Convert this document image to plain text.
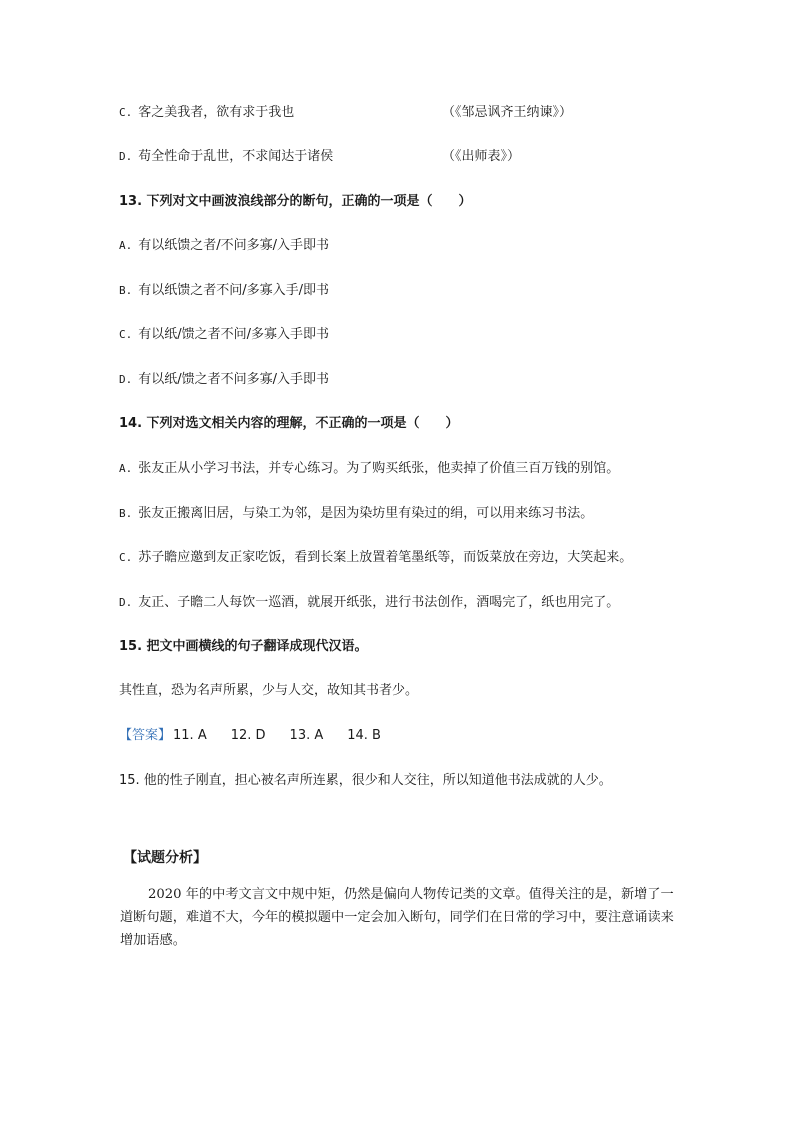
C. 客之美我者，欲有求于我也	（《邹忌讽齐王纳谏》）
D. 苟全性命于乱世，不求闻达于诸侯	（《出师表》）
13. 下列对文中画波浪线部分的断句，正确的一项是（　　）
A. 有以纸馈之者/不问多寡/入手即书
B. 有以纸馈之者不问/多寡入手/即书
C. 有以纸/馈之者不问/多寡入手即书
D. 有以纸/馈之者不问多寡/入手即书
14. 下列对选文相关内容的理解，不正确的一项是（　　）
A. 张友正从小学习书法，并专心练习。为了购买纸张，他卖掉了价值三百万钱的别馆。
B. 张友正搬离旧居，与染工为邻，是因为染坊里有染过的绢，可以用来练习书法。
C. 苏子瞻应邀到友正家吃饭，看到长案上放置着笔墨纸等，而饭菜放在旁边，大笑起来。
D. 友正、子瞻二人每饮一巡酒，就展开纸张，进行书法创作，酒喝完了，纸也用完了。
15. 把文中画横线的句子翻译成现代汉语。
其性直，恐为名声所累，少与人交，故知其书者少。
【答案】 11. A 12. D 13. A 14. B
15. 他的性子刚直，担心被名声所连累，很少和人交往，所以知道他书法成就的人少。
【试题分析】

2020 年的中考文言文中规中矩，仍然是偏向人物传记类的文章。值得关注的是，新增了一道断句题，难道不大，今年的模拟题中一定会加入断句，同学们在日常的学习中，要注意诵读来增加语感。
